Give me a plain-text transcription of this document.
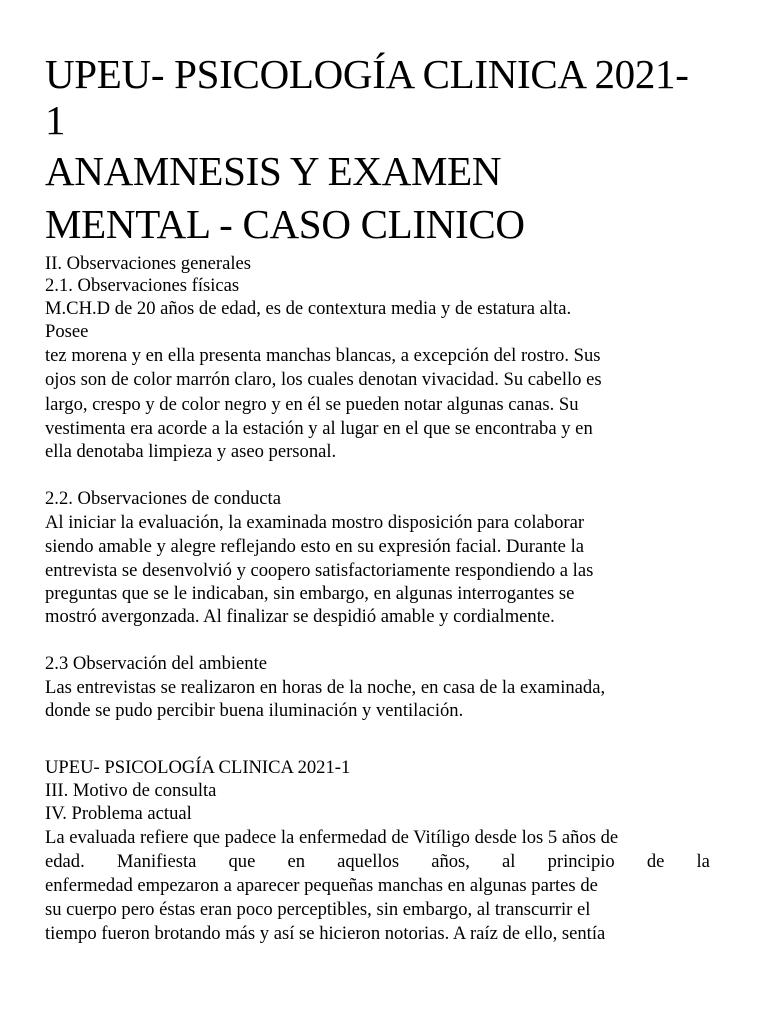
UPEU- PSICOLOGÍA CLINICA 2021-
1
ANAMNESIS Y EXAMEN
MENTAL - CASO CLINICO
II. Observaciones generales
2.1. Observaciones físicas
M.CH.D de 20 años de edad, es de contextura media y de estatura alta.
Posee
tez morena y en ella presenta manchas blancas, a excepción del rostro. Sus
ojos son de color marrón claro, los cuales denotan vivacidad. Su cabello es
largo, crespo y de color negro y en él se pueden notar algunas canas. Su
vestimenta era acorde a la estación y al lugar en el que se encontraba y en
ella denotaba limpieza y aseo personal.
2.2. Observaciones de conducta
Al iniciar la evaluación, la examinada mostro disposición para colaborar
siendo amable y alegre reflejando esto en su expresión facial. Durante la
entrevista se desenvolvió y coopero satisfactoriamente respondiendo a las
preguntas que se le indicaban, sin embargo, en algunas interrogantes se
mostró avergonzada. Al finalizar se despidió amable y cordialmente.
2.3 Observación del ambiente
Las entrevistas se realizaron en horas de la noche, en casa de la examinada,
donde se pudo percibir buena iluminación y ventilación.
UPEU- PSICOLOGÍA CLINICA 2021-1
III. Motivo de consulta
IV. Problema actual
La evaluada refiere que padece la enfermedad de Vitíligo desde los 5 años de
edad. Manifiesta que en aquellos años, al principio de la
enfermedad empezaron a aparecer pequeñas manchas en algunas partes de
su cuerpo pero éstas eran poco perceptibles, sin embargo, al transcurrir el
tiempo fueron brotando más y así se hicieron notorias. A raíz de ello, sentía
